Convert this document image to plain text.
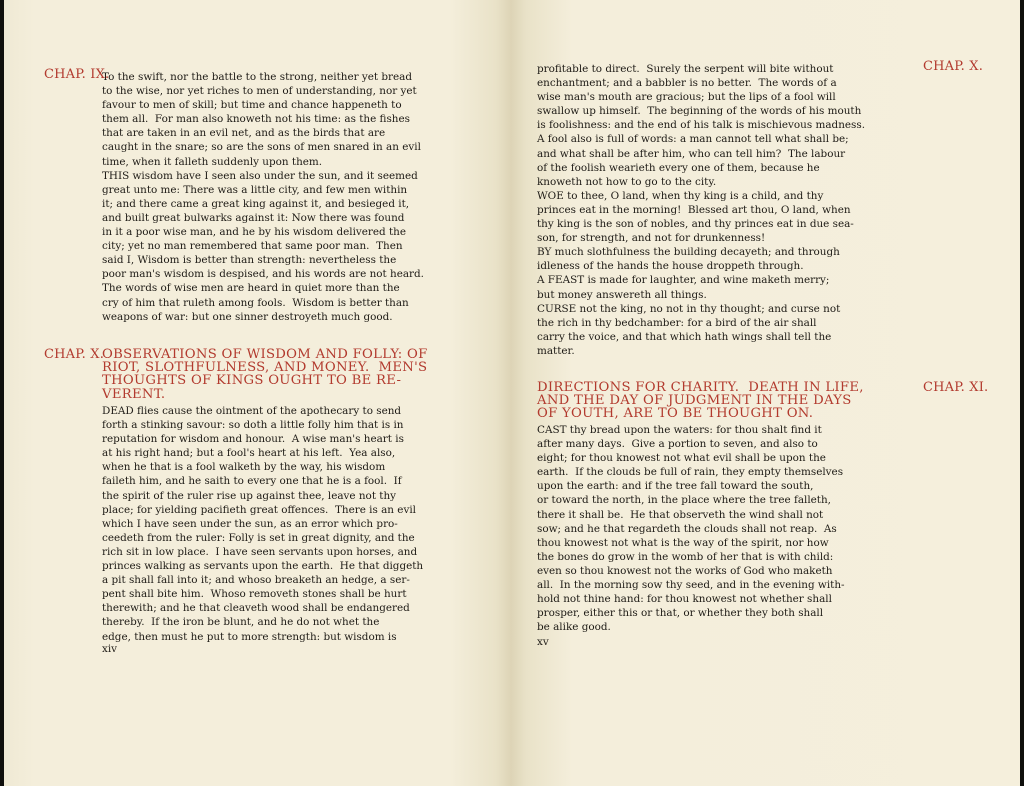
CHAP. IX.

To the swift, nor the battle to the strong, neither yet bread
to the wise, nor yet riches to men of understanding, nor yet
favour to men of skill; but time and chance happeneth to
them all.  For man also knoweth not his time: as the fishes
that are taken in an evil net, and as the birds that are
caught in the snare; so are the sons of men snared in an evil
time, when it falleth suddenly upon them.
THIS wisdom have I seen also under the sun, and it seemed
great unto me: There was a little city, and few men within
it; and there came a great king against it, and besieged it,
and built great bulwarks against it: Now there was found
in it a poor wise man, and he by his wisdom delivered the
city; yet no man remembered that same poor man.  Then
said I, Wisdom is better than strength: nevertheless the
poor man's wisdom is despised, and his words are not heard.
The words of wise men are heard in quiet more than the
cry of him that ruleth among fools.  Wisdom is better than
weapons of war: but one sinner destroyeth much good.

CHAP. X.

OBSERVATIONS OF WISDOM AND FOLLY: OF
RIOT, SLOTHFULNESS, AND MONEY.  MEN'S
THOUGHTS OF KINGS OUGHT TO BE RE-
VERENT.

DEAD flies cause the ointment of the apothecary to send
forth a stinking savour: so doth a little folly him that is in
reputation for wisdom and honour.  A wise man's heart is
at his right hand; but a fool's heart at his left.  Yea also,
when he that is a fool walketh by the way, his wisdom
faileth him, and he saith to every one that he is a fool.  If
the spirit of the ruler rise up against thee, leave not thy
place; for yielding pacifieth great offences.  There is an evil
which I have seen under the sun, as an error which pro-
ceedeth from the ruler: Folly is set in great dignity, and the
rich sit in low place.  I have seen servants upon horses, and
princes walking as servants upon the earth.  He that diggeth
a pit shall fall into it; and whoso breaketh an hedge, a ser-
pent shall bite him.  Whoso removeth stones shall be hurt
therewith; and he that cleaveth wood shall be endangered
thereby.  If the iron be blunt, and he do not whet the
edge, then must he put to more strength: but wisdom is

xiv

profitable to direct.  Surely the serpent will bite without
enchantment; and a babbler is no better.  The words of a
wise man's mouth are gracious; but the lips of a fool will
swallow up himself.  The beginning of the words of his mouth
is foolishness: and the end of his talk is mischievous madness.
A fool also is full of words: a man cannot tell what shall be;
and what shall be after him, who can tell him?  The labour
of the foolish wearieth every one of them, because he
knoweth not how to go to the city.
WOE to thee, O land, when thy king is a child, and thy
princes eat in the morning!  Blessed art thou, O land, when
thy king is the son of nobles, and thy princes eat in due sea-
son, for strength, and not for drunkenness!
BY much slothfulness the building decayeth; and through
idleness of the hands the house droppeth through.
A FEAST is made for laughter, and wine maketh merry;
but money answereth all things.
CURSE not the king, no not in thy thought; and curse not
the rich in thy bedchamber: for a bird of the air shall
carry the voice, and that which hath wings shall tell the
matter.

CHAP. X.

DIRECTIONS FOR CHARITY.  DEATH IN LIFE,
AND THE DAY OF JUDGMENT IN THE DAYS
OF YOUTH, ARE TO BE THOUGHT ON.

CHAP. XI.

CAST thy bread upon the waters: for thou shalt find it
after many days.  Give a portion to seven, and also to
eight; for thou knowest not what evil shall be upon the
earth.  If the clouds be full of rain, they empty themselves
upon the earth: and if the tree fall toward the south,
or toward the north, in the place where the tree falleth,
there it shall be.  He that observeth the wind shall not
sow; and he that regardeth the clouds shall not reap.  As
thou knowest not what is the way of the spirit, nor how
the bones do grow in the womb of her that is with child:
even so thou knowest not the works of God who maketh
all.  In the morning sow thy seed, and in the evening with-
hold not thine hand: for thou knowest not whether shall
prosper, either this or that, or whether they both shall
be alike good.

xv
